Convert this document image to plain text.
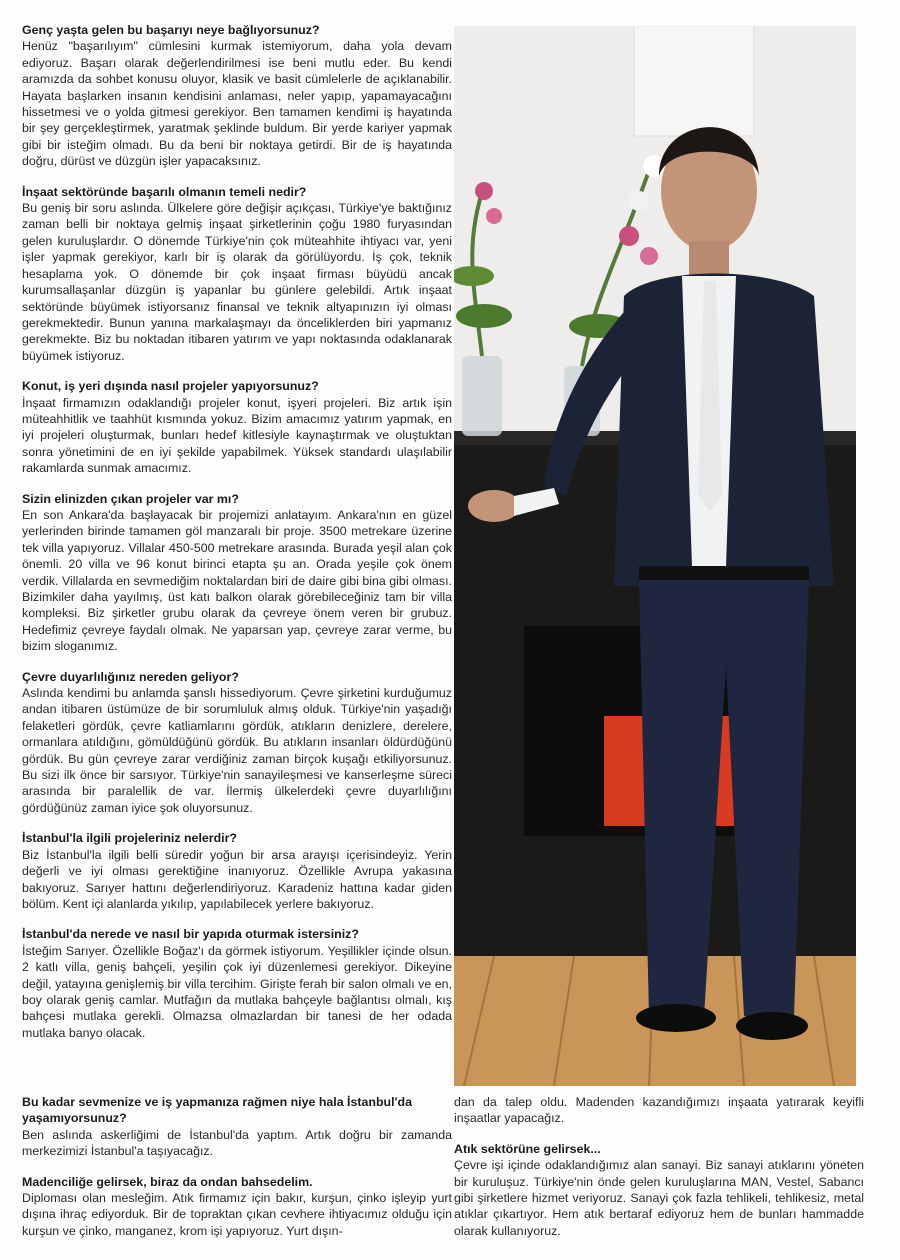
Genç yaşta gelen bu başarıyı neye bağlıyorsunuz?

Henüz "başarılıyım" cümlesini kurmak istemiyorum, daha yola devam ediyoruz. Başarı olarak değerlendirilmesi ise beni mutlu eder. Bu kendi aramızda da sohbet konusu oluyor, klasik ve basit cümlelerle de açıklanabilir. Hayata başlarken insanın kendisini anlaması, neler yapıp, yapamayacağını hissetmesi ve o yolda gitmesi gerekiyor. Ben tamamen kendimi iş hayatında bir şey gerçekleştirmek, yaratmak şeklinde buldum. Bir yerde kariyer yapmak gibi bir isteğim olmadı. Bu da beni bir noktaya getirdi. Bir de iş hayatında doğru, dürüst ve düzgün işler yapacaksınız.

İnşaat sektöründe başarılı olmanın temeli nedir?

Bu geniş bir soru aslında. Ülkelere göre değişir açıkçası, Türkiye'ye baktığınız zaman belli bir noktaya gelmiş inşaat şirketlerinin çoğu 1980 furyasından gelen kuruluşlardır. O dönemde Türkiye'nin çok müteahhite ihtiyacı var, yeni işler yapmak gerekiyor, karlı bir iş olarak da görülüyordu. İş çok, teknik hesaplama yok. O dönemde bir çok inşaat firması büyüdü ancak kurumsallaşanlar düzgün iş yapanlar bu günlere gelebildi. Artık inşaat sektöründe büyümek istiyorsanız finansal ve teknik altyapınızın iyi olması gerekmektedir. Bunun yanına markalaşmayı da önceliklerden biri yapmanız gerekmekte. Biz bu noktadan itibaren yatırım ve yapı noktasında odaklanarak büyümek istiyoruz.

Konut, iş yeri dışında nasıl projeler yapıyorsunuz?

İnşaat firmamızın odaklandığı projeler konut, işyeri projeleri. Biz artık işin müteahhitlik ve taahhüt kısmında yokuz. Bizim amacımız yatırım yapmak, en iyi projeleri oluşturmak, bunları hedef kitlesiyle kaynaştırmak ve oluştuktan sonra yönetimini de en iyi şekilde yapabilmek. Yüksek standardı ulaşılabilir rakamlarda sunmak amacımız.

Sizin elinizden çıkan projeler var mı?

En son Ankara'da başlayacak bir projemizi anlatayım. Ankara'nın en güzel yerlerinden birinde tamamen göl manzaralı bir proje. 3500 metrekare üzerine tek villa yapıyoruz. Villalar 450-500 metrekare arasında. Burada yeşil alan çok önemli. 20 villa ve 96 konut birinci etapta şu an. Orada yeşile çok önem verdik. Villalarda en sevmediğim noktalardan biri de daire gibi bina gibi olması. Bizimkiler daha yayılmış, üst katı balkon olarak görebileceğiniz tam bir villa kompleksi. Biz şirketler grubu olarak da çevreye önem veren bir grubuz. Hedefimiz çevreye faydalı olmak. Ne yaparsan yap, çevreye zarar verme, bu bizim sloganımız.

Çevre duyarlılığınız nereden geliyor?

Aslında kendimi bu anlamda şanslı hissediyorum. Çevre şirketini kurduğumuz andan itibaren üstümüze de bir sorumluluk almış olduk. Türkiye'nin yaşadığı felaketleri gördük, çevre katliamlarını gördük, atıkların denizlere, derelere, ormanlara atıldığını, gömüldüğünü gördük. Bu atıkların insanları öldürdüğünü gördük. Bu gün çevreye zarar verdiğiniz zaman birçok kuşağı etkiliyorsunuz. Bu sizi ilk önce bir sarsıyor. Türkiye'nin sanayileşmesi ve kanserleşme süreci arasında bir paralellik de var. İlermiş ülkelerdeki çevre duyarlılığını gördüğünüz zaman iyice şok oluyorsunuz.

İstanbul'la ilgili projeleriniz nelerdir?

Biz İstanbul'la ilgili belli süredir yoğun bir arsa arayışı içerisindeyiz. Yerin değerli ve iyi olması gerektiğine inanıyoruz. Özellikle Avrupa yakasına bakıyoruz. Sarıyer hattını değerlendiriyoruz. Karadeniz hattına kadar giden bölüm. Kent içi alanlarda yıkılıp, yapılabilecek yerlere bakıyoruz.

İstanbul'da nerede ve nasıl bir yapıda oturmak istersiniz?

İsteğim Sarıyer. Özellikle Boğaz'ı da görmek istiyorum. Yeşillikler içinde olsun. 2 katlı villa, geniş bahçeli, yeşilin çok iyi düzenlemesi gerekiyor. Dikeyine değil, yatayına genişlemiş bir villa tercihim. Girişte ferah bir salon olmalı ve en, boy olarak geniş camlar. Mutfağın da mutlaka bahçeyle bağlantısı olmalı, kış bahçesi mutlaka gerekli. Olmazsa olmazlardan bir tanesi de her odada mutlaka banyo olacak.

Bu kadar sevmenize ve iş yapmanıza rağmen niye hala İstanbul'da yaşamıyorsunuz?

Ben aslında askerliğimi de İstanbul'da yaptım. Artık doğru bir zamanda merkezimizi İstanbul'a taşıyacağız.

Madenciliğe gelirsek, biraz da ondan bahsedelim.

Diploması olan mesleğim. Atık firmamız için bakır, kurşun, çinko işleyip yurt dışına ihraç ediyorduk. Bir de topraktan çıkan cevhere ihtiyacımız olduğu için kurşun ve çinko, manganez, krom işi yapıyoruz. Yurt dışın-

dan da talep oldu. Madenden kazandığımızı inşaata yatırarak keyifli inşaatlar yapacağız.

Atık sektörüne gelirsek...

Çevre işi içinde odaklandığımız alan sanayi. Biz sanayi atıklarını yöneten bir kuruluşuz. Türkiye'nin önde gelen kuruluşlarına MAN, Vestel, Sabancı gibi şirketlere hizmet veriyoruz. Sanayi çok fazla tehlikeli, tehlikesiz, metal atıklar çıkartıyor. Hem atık bertaraf ediyoruz hem de bunları hammadde olarak kullanıyoruz.
